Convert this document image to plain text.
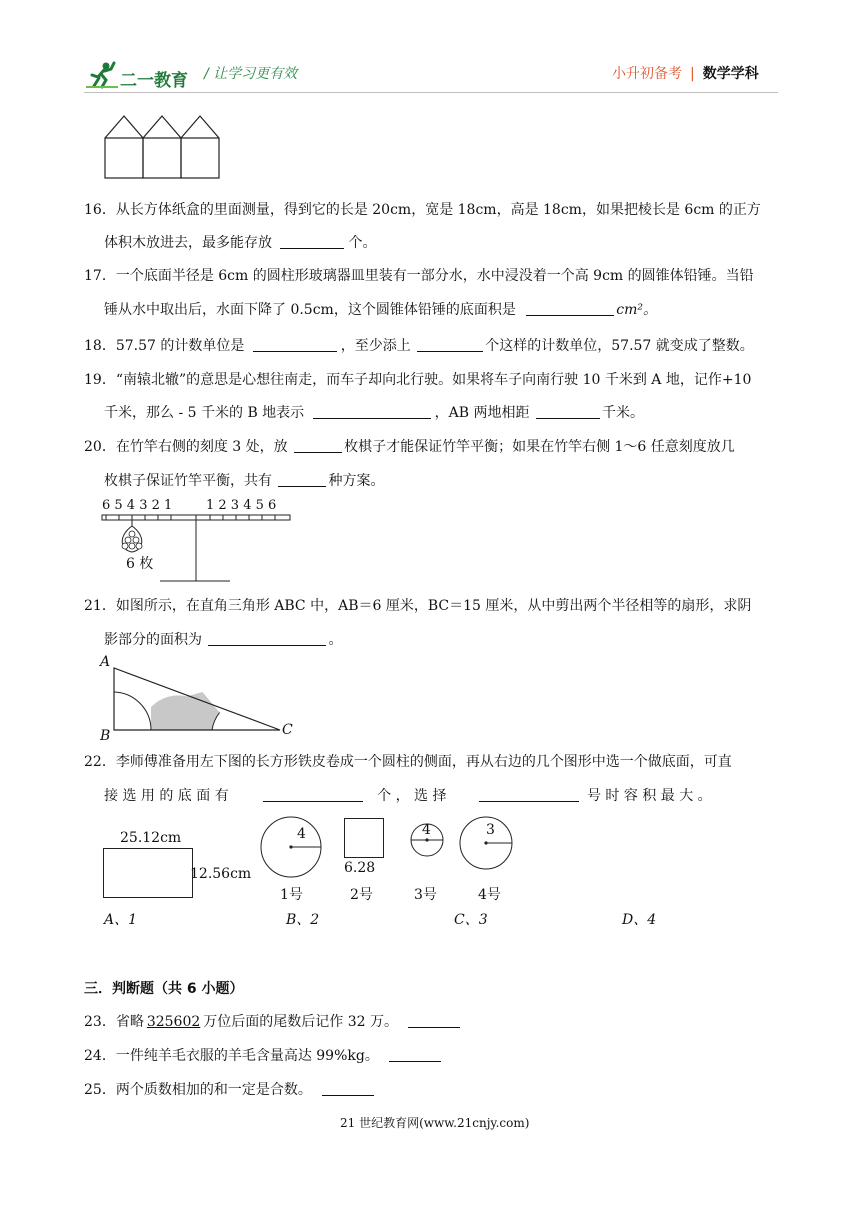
二一教育 / 让学习更有效	小升初备考 | 数学学科
16．从长方体纸盒的里面测量，得到它的长是 20cm，宽是 18cm，高是 18cm，如果把棱长是 6cm 的正方
体积木放进去，最多能存放	个。
17．一个底面半径是 6cm 的圆柱形玻璃器皿里装有一部分水，水中浸没着一个高 9cm 的圆锥体铅锤。当铅
锤从水中取出后，水面下降了 0.5cm，这个圆锥体铅锤的底面积是	cm²。
18．57.57 的计数单位是	，至少添上	个这样的计数单位，57.57 就变成了整数。
19．“南辕北辙”的意思是心想往南走，而车子却向北行驶。如果将车子向南行驶 10 千米到 A 地，记作+10
千米，那么 - 5 千米的 B 地表示	，AB 两地相距	千米。
20．在竹竿右侧的刻度 3 处，放	枚棋子才能保证竹竿平衡；如果在竹竿右侧 1～6 任意刻度放几
枚棋子保证竹竿平衡，共有	种方案。
6 5 4 3 2 1	1 2 3 4 5 6
6 枚
21．如图所示，在直角三角形 ABC 中，AB＝6 厘米，BC＝15 厘米，从中剪出两个半径相等的扇形，求阴
影部分的面积为	。
A
B	C
22．李师傅准备用左下图的长方形铁皮卷成一个圆柱的侧面，再从右边的几个图形中选一个做底面，可直
接 选 用 的 底 面 有	个 ， 选 择	号 时 容 积 最 大 。
25.12cm
12.56cm
4
1号
6.28
2号
4
3号
3
4号
A、1	B、2	C、3	D、4
三．判断题（共 6 小题）
23．省略 325602 万位后面的尾数后记作 32 万。
24．一件纯羊毛衣服的羊毛含量高达 99%kg。
25．两个质数相加的和一定是合数。
21 世纪教育网(www.21cnjy.com)
